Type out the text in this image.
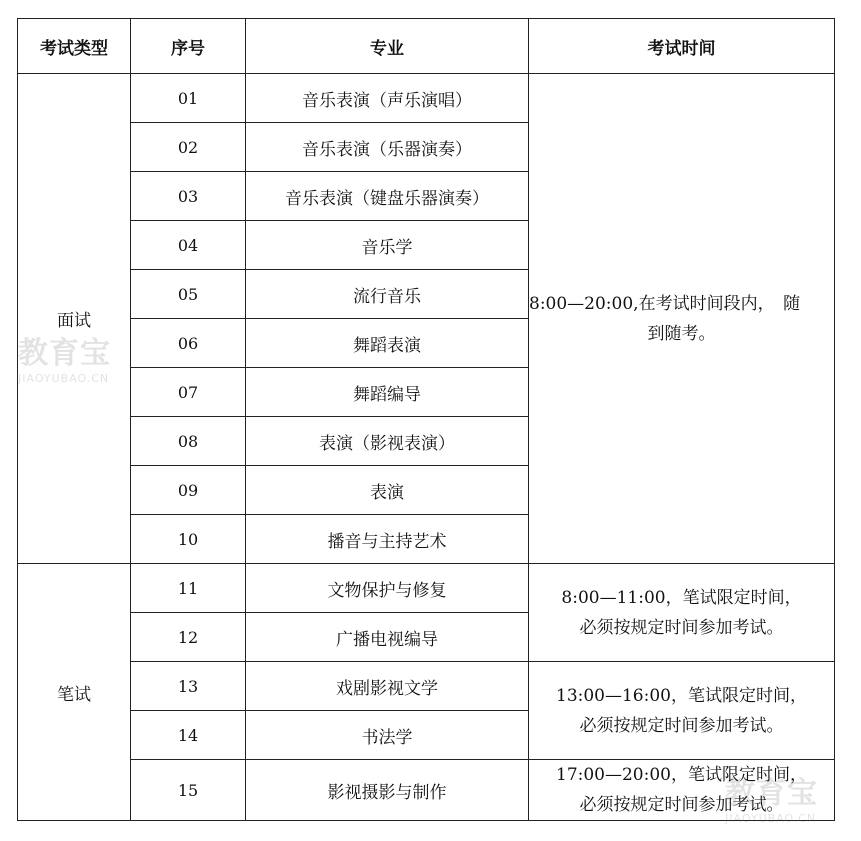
考试类型	序号	专业	考试时间
面试	01	音乐表演（声乐演唱）	8:00—20:00,在考试时间段内，　随
到随考。

	02	音乐表演（乐器演奏）	
	03	音乐表演（键盘乐器演奏）	
	04	音乐学	
	05	流行音乐	
	06	舞蹈表演	
	07	舞蹈编导	
	08	表演（影视表演）	
	09	表演	
	10	播音与主持艺术	
笔试	11	文物保护与修复	8:00—11:00，笔试限定时间，
必须按规定时间参加考试。

	12	广播电视编导	
	13	戏剧影视文学	13:00—16:00，笔试限定时间，
必须按规定时间参加考试。

	14	书法学	
	15	影视摄影与制作	17:00—20:00，笔试限定时间，
必须按规定时间参加考试。
教育宝
JIAOYUBAO.CN
教育宝
JIAOYUBAO.CN
